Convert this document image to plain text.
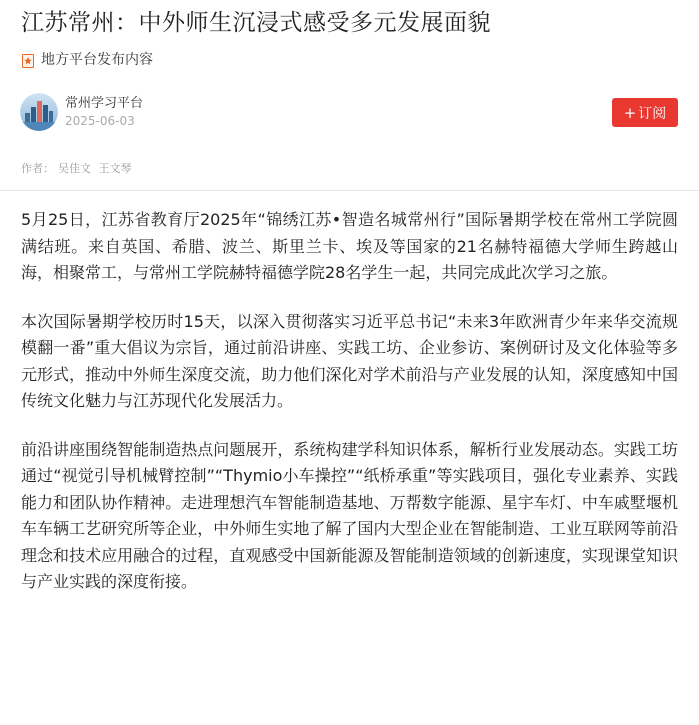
江苏常州：中外师生沉浸式感受多元发展面貌
地方平台发布内容
常州学习平台
2025-06-03	+ 订阅
作者： 吴佳文 王文琴

5月25日，江苏省教育厅2025年“锦绣江苏•智造名城常州行”国际暑期学校在常州工学院圆满结班。来自英国、希腊、波兰、斯里兰卡、埃及等国家的21名赫特福德大学师生跨越山海，相聚常工，与常州工学院赫特福德学院28名学生一起，共同完成此次学习之旅。

本次国际暑期学校历时15天，以深入贯彻落实习近平总书记“未来3年欧洲青少年来华交流规模翻一番”重大倡议为宗旨，通过前沿讲座、实践工坊、企业参访、案例研讨及文化体验等多元形式，推动中外师生深度交流，助力他们深化对学术前沿与产业发展的认知，深度感知中国传统文化魅力与江苏现代化发展活力。

前沿讲座围绕智能制造热点问题展开，系统构建学科知识体系，解析行业发展动态。实践工坊通过“视觉引导机械臂控制”“Thymio小车操控”“纸桥承重”等实践项目，强化专业素养、实践能力和团队协作精神。走进理想汽车智能制造基地、万帮数字能源、星宇车灯、中车戚墅堰机车车辆工艺研究所等企业，中外师生实地了解了国内大型企业在智能制造、工业互联网等前沿理念和技术应用融合的过程，直观感受中国新能源及智能制造领域的创新速度，实现课堂知识与产业实践的深度衔接。
